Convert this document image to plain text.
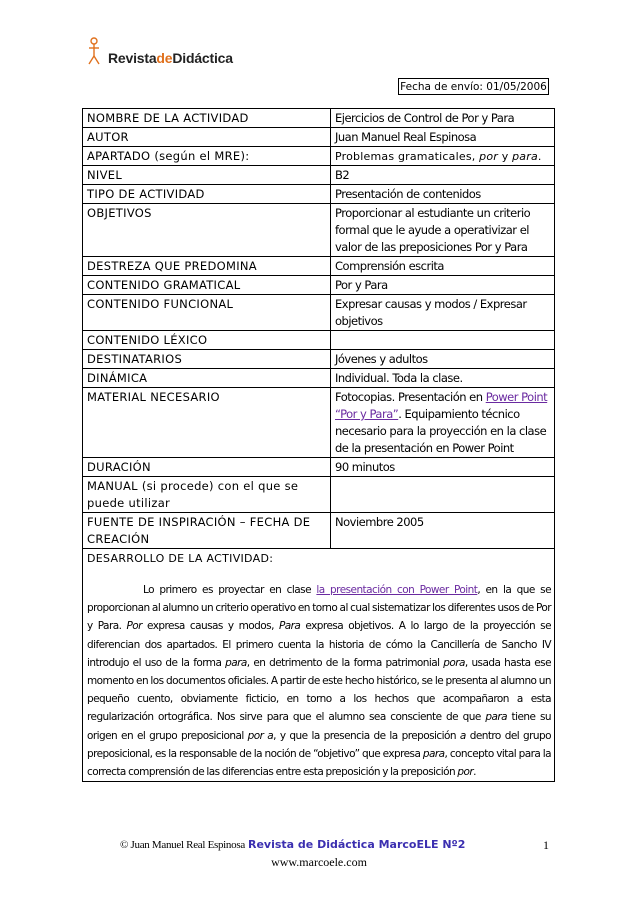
RevistadeDidáctica
Fecha de envío: 01/05/2006
NOMBRE DE LA ACTIVIDAD	Ejercicios de Control de Por y Para
AUTOR	Juan Manuel Real Espinosa
APARTADO (según el MRE):	Problemas gramaticales, por y para.
NIVEL	B2
TIPO DE ACTIVIDAD	Presentación de contenidos
OBJETIVOS	Proporcionar al estudiante un criterio formal que le ayude a operativizar el valor de las preposiciones Por y Para
DESTREZA QUE PREDOMINA	Comprensión escrita
CONTENIDO GRAMATICAL	Por y Para
CONTENIDO FUNCIONAL	Expresar causas y modos / Expresar objetivos
CONTENIDO LÉXICO	
DESTINATARIOS	Jóvenes y adultos
DINÁMICA	Individual. Toda la clase.
MATERIAL NECESARIO	Fotocopias. Presentación en Power Point “Por y Para”. Equipamiento técnico necesario para la proyección en la clase de la presentación en Power Point
DURACIÓN	90 minutos
MANUAL (si procede) con el que se puede utilizar	
FUENTE DE INSPIRACIÓN – FECHA DE CREACIÓN	Noviembre 2005

DESARROLLO DE LA ACTIVIDAD:
Lo primero es proyectar en clase la presentación con Power Point, en la que se proporcionan al alumno un criterio operativo en torno al cual sistematizar los diferentes usos de Por y Para. Por expresa causas y modos, Para expresa objetivos. A lo largo de la proyección se diferencian dos apartados. El primero cuenta la historia de cómo la Cancillería de Sancho IV introdujo el uso de la forma para, en detrimento de la forma patrimonial pora, usada hasta ese momento en los documentos oficiales. A partir de este hecho histórico, se le presenta al alumno un pequeño cuento, obviamente ficticio, en torno a los hechos que acompañaron a esta regularización ortográfica. Nos sirve para que el alumno sea consciente de que para tiene su origen en el grupo preposicional por a, y que la presencia de la preposición a dentro del grupo preposicional, es la responsable de la noción de “objetivo” que expresa para, concepto vital para la correcta comprensión de las diferencias entre esta preposición y la preposición por.	
© Juan Manuel Real Espinosa Revista de Didáctica MarcoELE Nº2	1
www.marcoele.com
